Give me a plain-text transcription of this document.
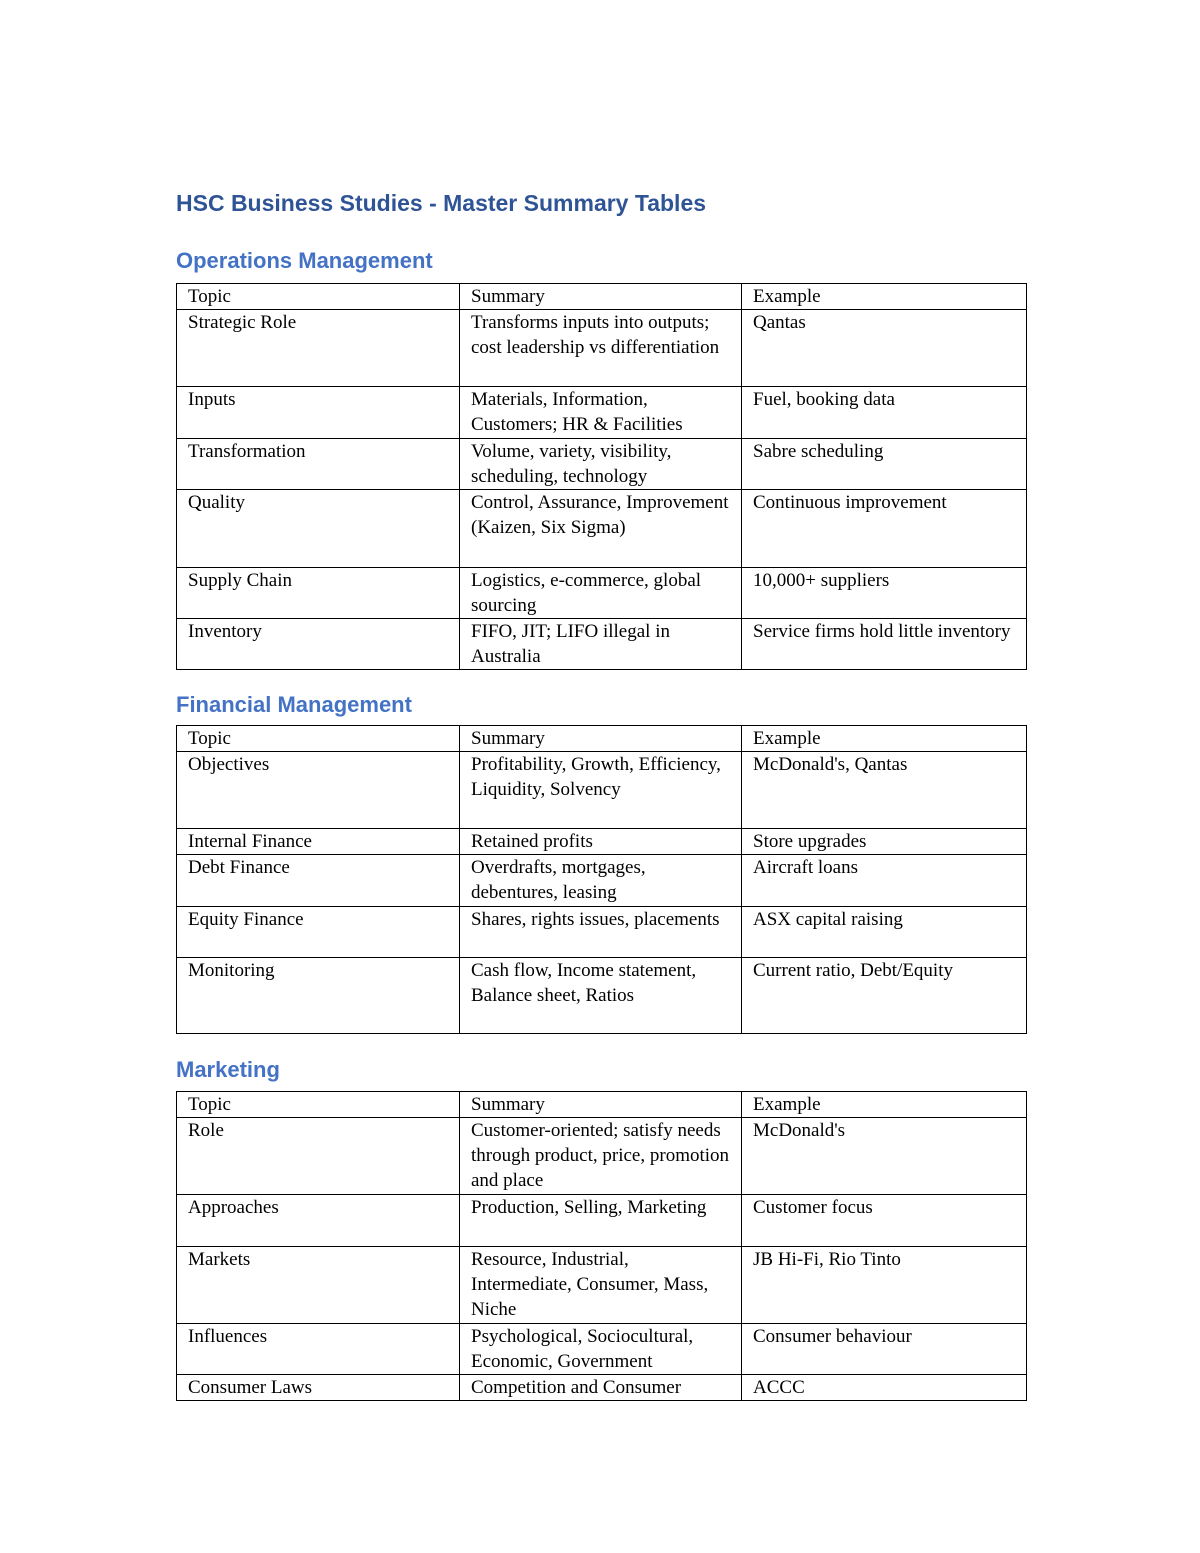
HSC Business Studies - Master Summary Tables
Operations Management
Topic	Summary	Example
Strategic Role	Transforms inputs into outputs; cost leadership vs differentiation	Qantas
Inputs	Materials, Information, Customers; HR & Facilities	Fuel, booking data
Transformation	Volume, variety, visibility, scheduling, technology	Sabre scheduling
Quality	Control, Assurance, Improvement (Kaizen, Six Sigma)	Continuous improvement
Supply Chain	Logistics, e-commerce, global sourcing	10,000+ suppliers
Inventory	FIFO, JIT; LIFO illegal in Australia	Service firms hold little inventory
Financial Management
Topic	Summary	Example
Objectives	Profitability, Growth, Efficiency, Liquidity, Solvency	McDonald's, Qantas
Internal Finance	Retained profits	Store upgrades
Debt Finance	Overdrafts, mortgages, debentures, leasing	Aircraft loans
Equity Finance	Shares, rights issues, placements	ASX capital raising
Monitoring	Cash flow, Income statement, Balance sheet, Ratios	Current ratio, Debt/Equity
Marketing
Topic	Summary	Example
Role	Customer-oriented; satisfy needs through product, price, promotion and place	McDonald's
Approaches	Production, Selling, Marketing	Customer focus
Markets	Resource, Industrial, Intermediate, Consumer, Mass, Niche	JB Hi-Fi, Rio Tinto
Influences	Psychological, Sociocultural, Economic, Government	Consumer behaviour
Consumer Laws	Competition and Consumer	ACCC
